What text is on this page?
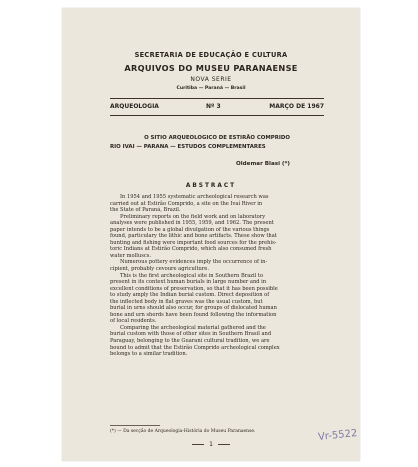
SECRETARIA DE EDUCAÇÃO E CULTURA
ARQUIVOS DO MUSEU PARANAENSE
NOVA SERIE
Curitiba — Paraná — Brasil
ARQUEOLOGIA	Nº 3	MARÇO DE 1967
O SITIO ARQUEOLOGICO DE ESTIRÃO COMPRIDO
RIO IVAI — PARANA — ESTUDOS COMPLEMENTARES
Oldemar Blasi (*)
ABSTRACT

In 1954 and 1955 systematic archeological research was
carried out at Estirão Comprido, a site on the Ivaí River in
the State of Paraná, Brazil.

Preliminary reports on the field work and on laboratory
analyses were published in 1955, 1959, and 1962. The present
paper intends to be a global divulgation of the various things
found, particulary the lithic and bone artifacts. These show that
hunting and fishing were important food sources for the prehis-
toric Indians at Estirão Comprido, which also consumed fresh
water molluscs.

Numerous pottery evidences imply the occurrence of in-
cipient, probably cevoure agriculture.

This is the first archeological site in Southern Brazil to
present in its context human burials in large number and in
excellent conditions of preservation, so that it has been possible
to study amply the Indian burial custom. Direct deposition of
the inflected body in flat graves was the usual custom, but
burial in urns should also occur, for groups of dislocated human
bone and urn sherds have been found following the information
of local residents.

Comparing the archeological material gathered and the
burial custom with those of other sites in Southern Brasil and
Paraguay, belonging to the Guarani cultural tradition, we are
bound to admit that the Estirão Comprido archeological complex
belongs to a similar tradition.

(*) — Da secção de Arqueologia-História do Museu Paranaense.
1
Vr-5522
